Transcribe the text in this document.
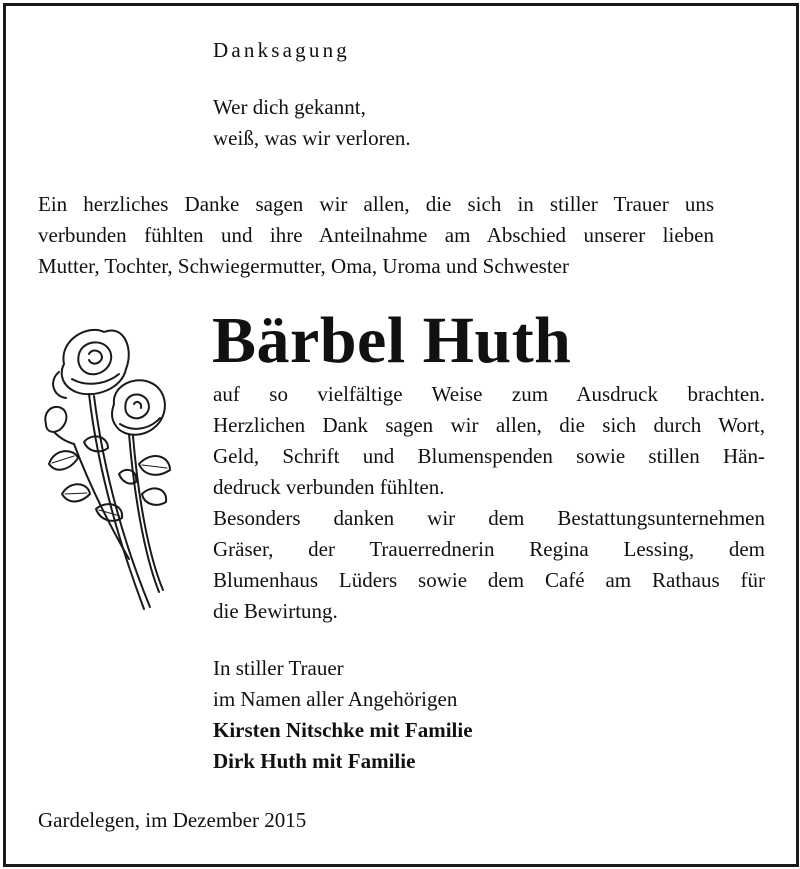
Danksagung
Wer dich gekannt,
weiß, was wir verloren.
Ein herzliches Danke sagen wir allen, die sich in stiller Trauer uns
verbunden fühlten und ihre Anteilnahme am Abschied unserer lieben
Mutter, Tochter, Schwiegermutter, Oma, Uroma und Schwester
Bärbel Huth
auf so vielfältige Weise zum Ausdruck brachten.
Herzlichen Dank sagen wir allen, die sich durch Wort,
Geld, Schrift und Blumenspenden sowie stillen Hän-
dedruck verbunden fühlten.
Besonders danken wir dem Bestattungsunternehmen
Gräser, der Trauerrednerin Regina Lessing, dem
Blumenhaus Lüders sowie dem Café am Rathaus für
die Bewirtung.
In stiller Trauer
im Namen aller Angehörigen
Kirsten Nitschke mit Familie
Dirk Huth mit Familie
Gardelegen, im Dezember 2015
